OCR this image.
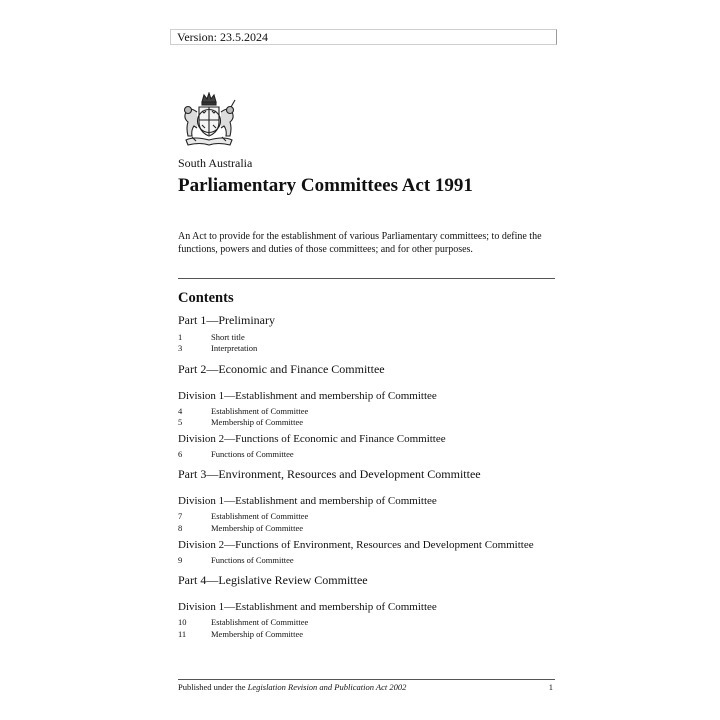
Version: 23.5.2024
South Australia
Parliamentary Committees Act 1991
An Act to provide for the establishment of various Parliamentary committees; to define the functions, powers and duties of those committees; and for other purposes.
Contents
Part 1—Preliminary
1	Short title
3	Interpretation
Part 2—Economic and Finance Committee
Division 1—Establishment and membership of Committee
4	Establishment of Committee
5	Membership of Committee
Division 2—Functions of Economic and Finance Committee
6	Functions of Committee
Part 3—Environment, Resources and Development Committee
Division 1—Establishment and membership of Committee
7	Establishment of Committee
8	Membership of Committee
Division 2—Functions of Environment, Resources and Development Committee
9	Functions of Committee
Part 4—Legislative Review Committee
Division 1—Establishment and membership of Committee
10	Establishment of Committee
11	Membership of Committee
Published under the Legislation Revision and Publication Act 2002	1
